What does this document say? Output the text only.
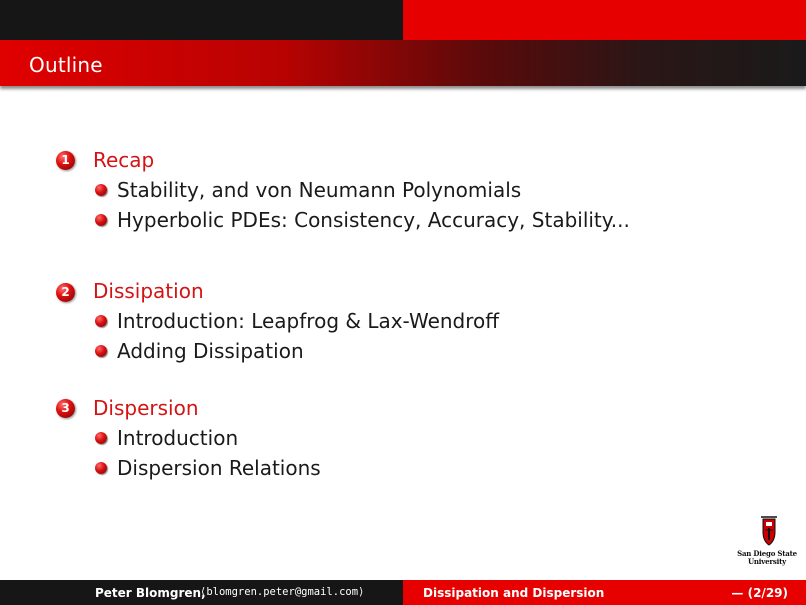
Outline
1 Recap
Stability, and von Neumann Polynomials
Hyperbolic PDEs: Consistency, Accuracy, Stability...
2 Dissipation
Introduction: Leapfrog & Lax-Wendroff
Adding Dissipation
3 Dispersion
Introduction
Dispersion Relations
San Diego State
University
Peter Blomgren,
⟨blomgren.peter@gmail.com⟩	Dissipation and Dispersion	— (2/29)
